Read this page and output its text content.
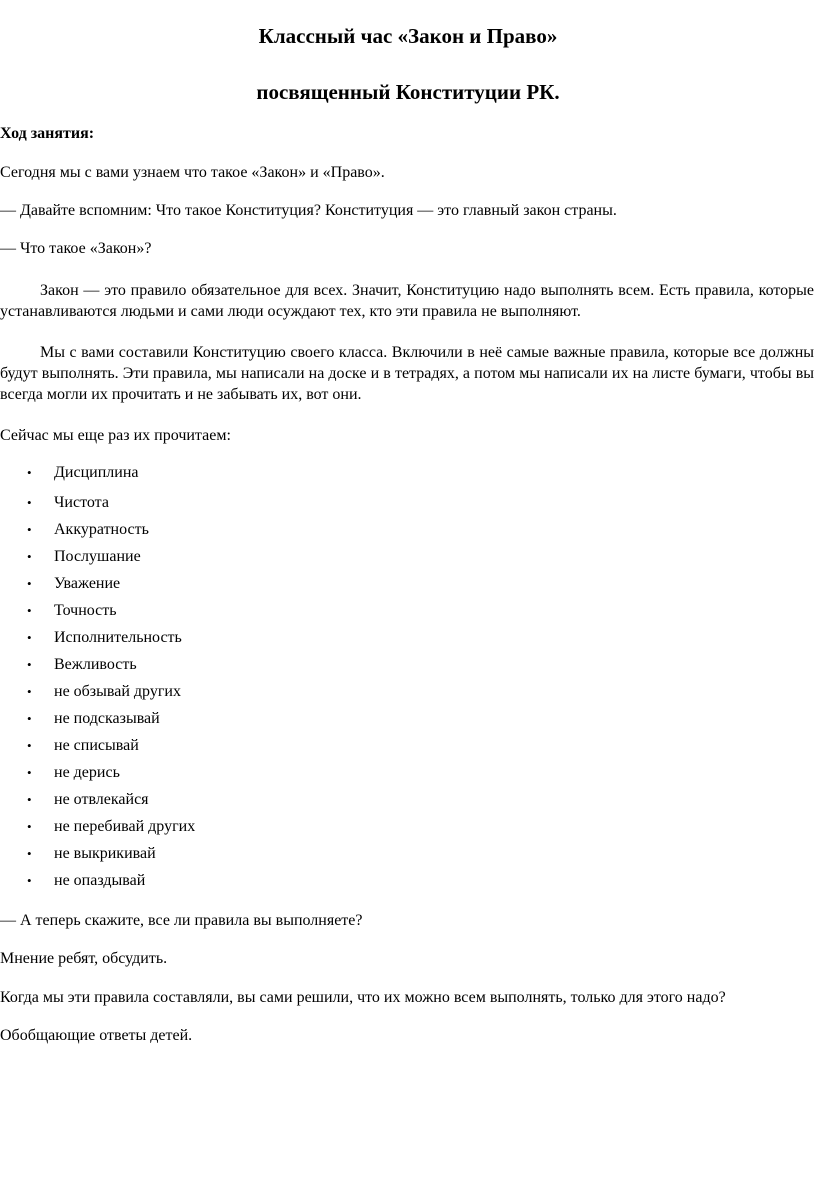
Классный час «Закон и Право»
посвященный Конституции РК.

Ход занятия:

Сегодня мы с вами узнаем что такое «Закон» и «Право».

— Давайте вспомним: Что такое Конституция? Конституция — это главный закон страны.

— Что такое «Закон»?

Закон — это правило обязательное для всех. Значит, Конституцию надо выполнять всем. Есть правила, которые устанавливаются людьми и сами люди осуждают тех, кто эти правила не выполняют.

Мы с вами составили Конституцию своего класса. Включили в неё самые важные правила, которые все должны будут выполнять. Эти правила, мы написали на доске и в тетрадях, а потом мы написали их на листе бумаги, чтобы вы всегда могли их прочитать и не забывать их, вот они.

Сейчас мы еще раз их прочитаем:

• Дисциплина
• Чистота
• Аккуратность
• Послушание
• Уважение
• Точность
• Исполнительность
• Вежливость
• не обзывай других
• не подсказывай
• не списывай
• не дерись
• не отвлекайся
• не перебивай других
• не выкрикивай
• не опаздывай

— А теперь скажите, все ли правила вы выполняете?

Мнение ребят, обсудить.

Когда мы эти правила составляли, вы сами решили, что их можно всем выполнять, только для этого надо?

Обобщающие ответы детей.
